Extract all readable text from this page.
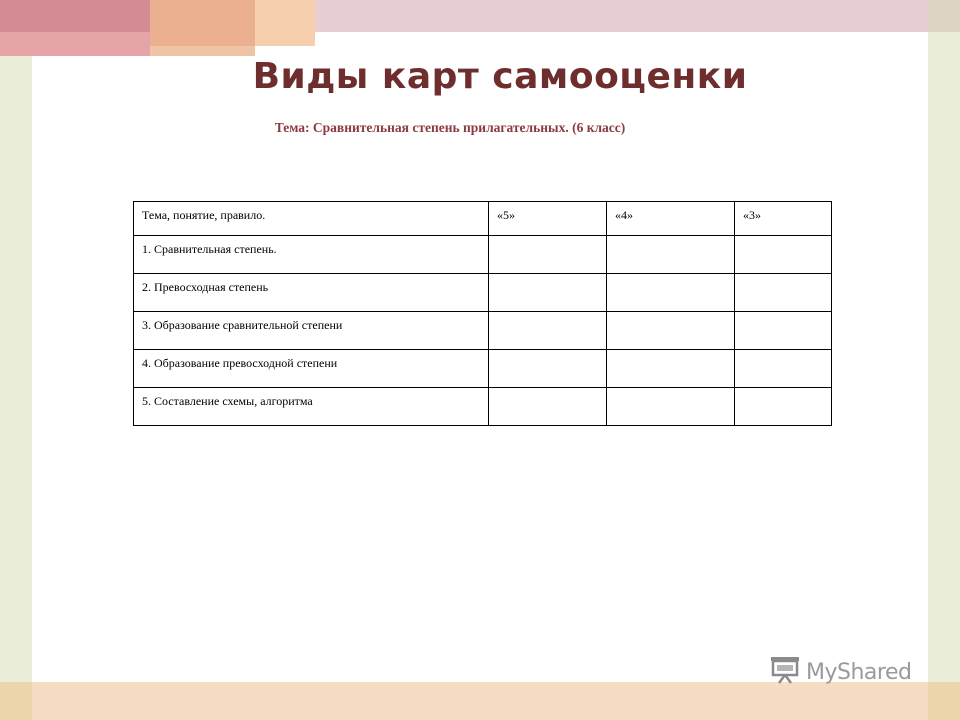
Виды карт самооценки
Тема: Сравнительная степень прилагательных. (6 класс)
Тема, понятие, правило.	«5»	«4»	«3»
1. Сравнительная степень.			
2. Превосходная степень			
3. Образование сравнительной степени			
4. Образование превосходной степени			
5. Составление схемы, алгоритма			
MyShared
